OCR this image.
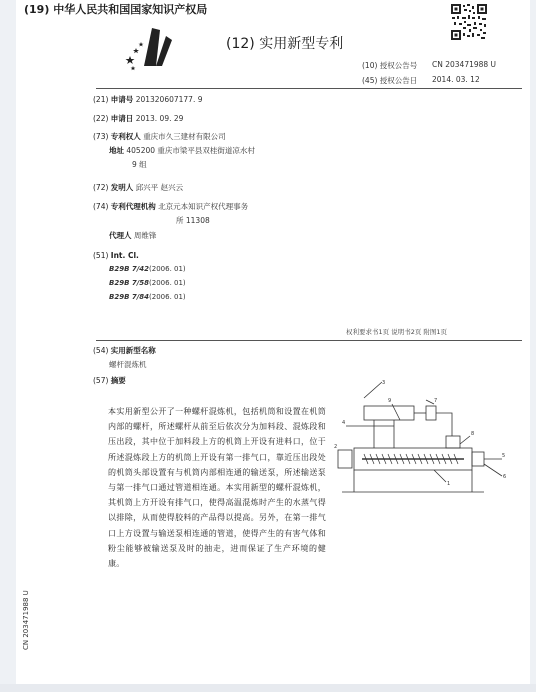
(19) 中华人民共和国国家知识产权局
(12) 实用新型专利
(10) 授权公告号 CN 203471988 U
(45) 授权公告日 2014. 03. 12
(21) 申请号 201320607177. 9
(22) 申请日 2013. 09. 29
(73) 专利权人 重庆市久三建材有限公司
地址 405200 重庆市梁平县双桂街道凉水村
9 组
(72) 发明人 邱兴平 赵兴云
(74) 专利代理机构 北京元本知识产权代理事务
所 11308
代理人 周维锋
(51) Int. Cl.
B29B 7/42(2006. 01)
B29B 7/58(2006. 01)
B29B 7/84(2006. 01)
权利要求书1页 说明书2页 附图1页
(54) 实用新型名称
螺杆混炼机
(57) 摘要
本实用新型公开了一种螺杆混炼机，包括机筒和设置在机筒内部的螺杆，所述螺杆从前至后依次分为加料段、混炼段和压出段，其中位于加料段上方的机筒上开设有进料口，位于所述混炼段上方的机筒上开设有第一排气口，靠近压出段处的机筒头部设置有与机筒内部相连通的输送泵，所述输送泵与第一排气口通过管道相连通。本实用新型的螺杆混炼机，其机筒上方开设有排气口，使得高温混炼时产生的水蒸气得以排除，从而使得胶料的产品得以提高。另外，在第一排气口上方设置与输送泵相连通的管道，使得产生的有害气体和粉尘能够被输送泵及时的抽走，进而保证了生产环境的健康。
3
9	7
8
6
1
2
4
5
CN 203471988 U
